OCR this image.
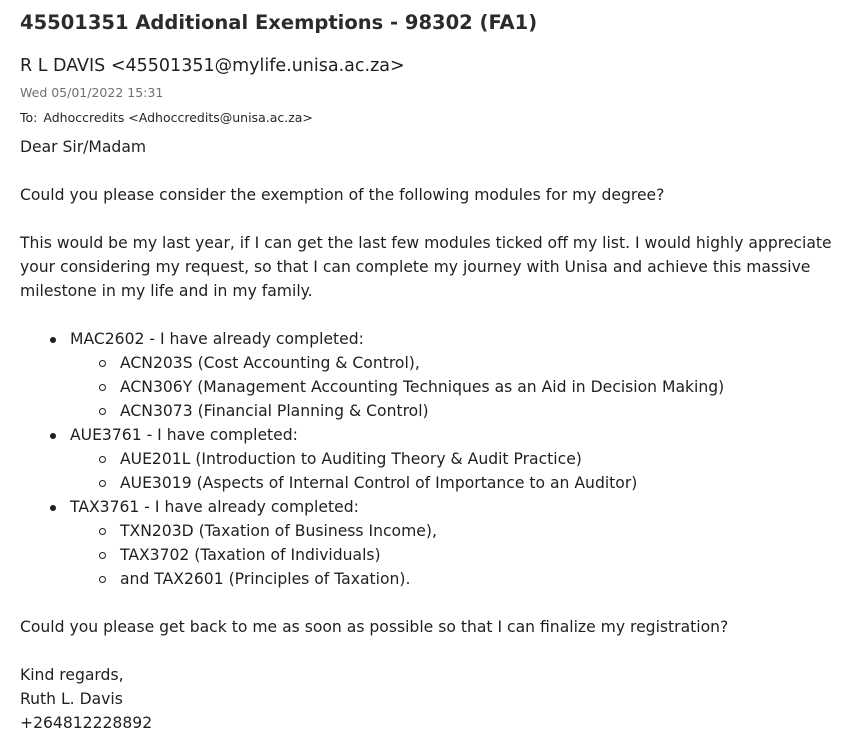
45501351 Additional Exemptions - 98302 (FA1)
R L DAVIS <45501351@mylife.unisa.ac.za>
Wed 05/01/2022 15:31
To: Adhoccredits <Adhoccredits@unisa.ac.za>

Dear Sir/Madam

Could you please consider the exemption of the following modules for my degree?

This would be my last year, if I can get the last few modules ticked off my list. I would highly appreciate your considering my request, so that I can complete my journey with Unisa and achieve this massive milestone in my life and in my family.

MAC2602 - I have already completed:
ACN203S (Cost Accounting & Control),
ACN306Y (Management Accounting Techniques as an Aid in Decision Making)
ACN3073 (Financial Planning & Control)
AUE3761 - I have completed:
AUE201L (Introduction to Auditing Theory & Audit Practice)
AUE3019 (Aspects of Internal Control of Importance to an Auditor)
TAX3761 - I have already completed:
TXN203D (Taxation of Business Income),
TAX3702 (Taxation of Individuals)
and TAX2601 (Principles of Taxation).

Could you please get back to me as soon as possible so that I can finalize my registration?

Kind regards,

Ruth L. Davis

+264812228892
